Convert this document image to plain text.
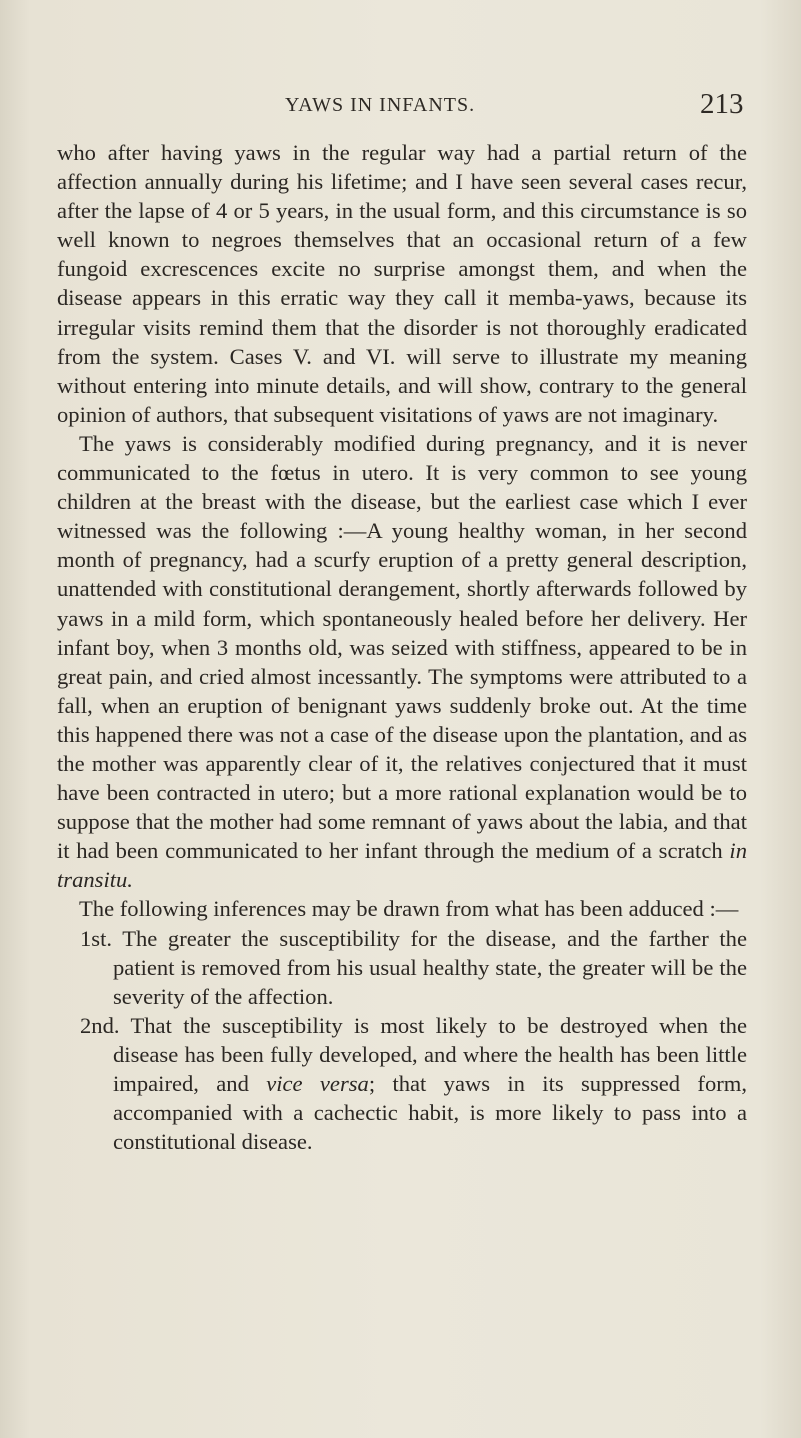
YAWS IN INFANTS.	213

who after having yaws in the regular way had a partial return of the affection annually during his lifetime; and I have seen several cases recur, after the lapse of 4 or 5 years, in the usual form, and this circumstance is so well known to negroes themselves that an occasional return of a few fungoid excrescences excite no surprise amongst them, and when the disease appears in this erratic way they call it memba-yaws, because its irregular visits remind them that the disorder is not thoroughly eradicated from the system. Cases V. and VI. will serve to illustrate my meaning without entering into minute details, and will show, contrary to the general opinion of authors, that subsequent visitations of yaws are not imaginary.

The yaws is considerably modified during pregnancy, and it is never communicated to the fœtus in utero. It is very common to see young children at the breast with the disease, but the earliest case which I ever witnessed was the following :—A young healthy woman, in her second month of pregnancy, had a scurfy eruption of a pretty general description, unattended with constitutional derangement, shortly afterwards followed by yaws in a mild form, which spontaneously healed before her delivery. Her infant boy, when 3 months old, was seized with stiffness, appeared to be in great pain, and cried almost incessantly. The symptoms were attributed to a fall, when an eruption of benignant yaws suddenly broke out. At the time this happened there was not a case of the disease upon the plantation, and as the mother was apparently clear of it, the relatives conjectured that it must have been contracted in utero; but a more rational explanation would be to suppose that the mother had some remnant of yaws about the labia, and that it had been communicated to her infant through the medium of a scratch in transitu.

The following inferences may be drawn from what has been adduced :—

1st. The greater the susceptibility for the disease, and the farther the patient is removed from his usual healthy state, the greater will be the severity of the affection.

2nd. That the susceptibility is most likely to be destroyed when the disease has been fully developed, and where the health has been little impaired, and vice versa; that yaws in its suppressed form, accompanied with a cachectic habit, is more likely to pass into a constitutional disease.
